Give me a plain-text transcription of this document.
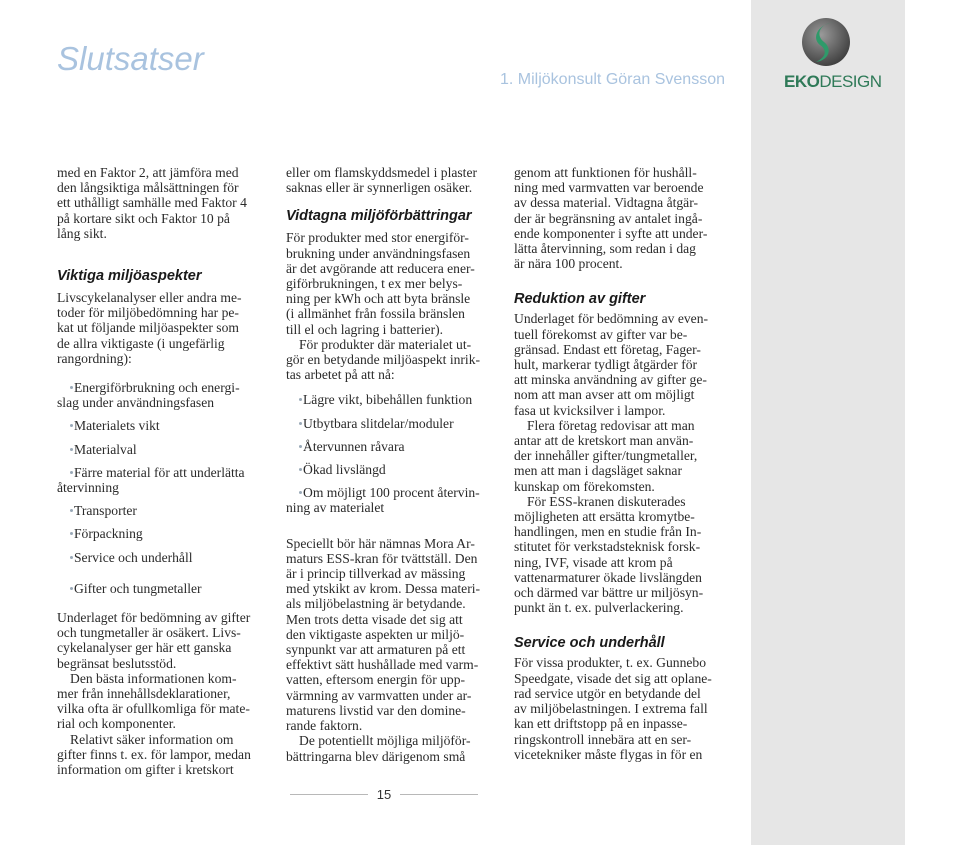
EKODESIGN
Slutsatser
1. Miljökonsult Göran Svensson

med en Faktor 2, att jämföra med
den långsiktiga målsättningen för
ett uthålligt samhälle med Faktor 4
på kortare sikt och Faktor 10 på
lång sikt.

Viktiga miljöaspekter

Livscykelanalyser eller andra me-
toder för miljöbedömning har pe-
kat ut följande miljöaspekter som
de allra viktigaste (i ungefärlig
rangordning):

Energiförbrukning och energi-
slag under användningsfasen
Materialets vikt
Materialval
Färre material för att underlätta
återvinning
Transporter
Förpackning
Service och underhåll
Gifter och tungmetaller

Underlaget för bedömning av gifter
och tungmetaller är osäkert. Livs-
cykelanalyser ger här ett ganska
begränsat beslutsstöd.

Den bästa informationen kom-
mer från innehållsdeklarationer,
vilka ofta är ofullkomliga för mate-
rial och komponenter.

Relativt säker information om
gifter finns t. ex. för lampor, medan
information om gifter i kretskort

eller om flamskyddsmedel i plaster
saknas eller är synnerligen osäker.

Vidtagna miljöförbättringar

För produkter med stor energiför-
brukning under användningsfasen
är det avgörande att reducera ener-
giförbrukningen, t ex mer belys-
ning per kWh och att byta bränsle
(i allmänhet från fossila bränslen
till el och lagring i batterier).

För produkter där materialet ut-
gör en betydande miljöaspekt inrik-
tas arbetet på att nå:

Lägre vikt, bibehållen funktion
Utbytbara slitdelar/moduler
Återvunnen råvara
Ökad livslängd
Om möjligt 100 procent återvin-
ning av materialet

Speciellt bör här nämnas Mora Ar-
maturs ESS-kran för tvättställ. Den
är i princip tillverkad av mässing
med ytskikt av krom. Dessa materi-
als miljöbelastning är betydande.
Men trots detta visade det sig att
den viktigaste aspekten ur miljö-
synpunkt var att armaturen på ett
effektivt sätt hushållade med varm-
vatten, eftersom energin för upp-
värmning av varmvatten under ar-
maturens livstid var den domine-
rande faktorn.

De potentiellt möjliga miljöför-
bättringarna blev därigenom små

genom att funktionen för hushåll-
ning med varmvatten var beroende
av dessa material. Vidtagna åtgär-
der är begränsning av antalet ingå-
ende komponenter i syfte att under-
lätta återvinning, som redan i dag
är nära 100 procent.

Reduktion av gifter

Underlaget för bedömning av even-
tuell förekomst av gifter var be-
gränsad. Endast ett företag, Fager-
hult, markerar tydligt åtgärder för
att minska användning av gifter ge-
nom att man avser att om möjligt
fasa ut kvicksilver i lampor.

Flera företag redovisar att man
antar att de kretskort man använ-
der innehåller gifter/tungmetaller,
men att man i dagsläget saknar
kunskap om förekomsten.

För ESS-kranen diskuterades
möjligheten att ersätta kromytbe-
handlingen, men en studie från In-
stitutet för verkstadsteknisk forsk-
ning, IVF, visade att krom på
vattenarmaturer ökade livslängden
och därmed var bättre ur miljösyn-
punkt än t. ex. pulverlackering.

Service och underhåll

För vissa produkter, t. ex. Gunnebo
Speedgate, visade det sig att oplane-
rad service utgör en betydande del
av miljöbelastningen. I extrema fall
kan ett driftstopp på en inpasse-
ringskontroll innebära att en ser-
vicetekniker måste flygas in för en

15
